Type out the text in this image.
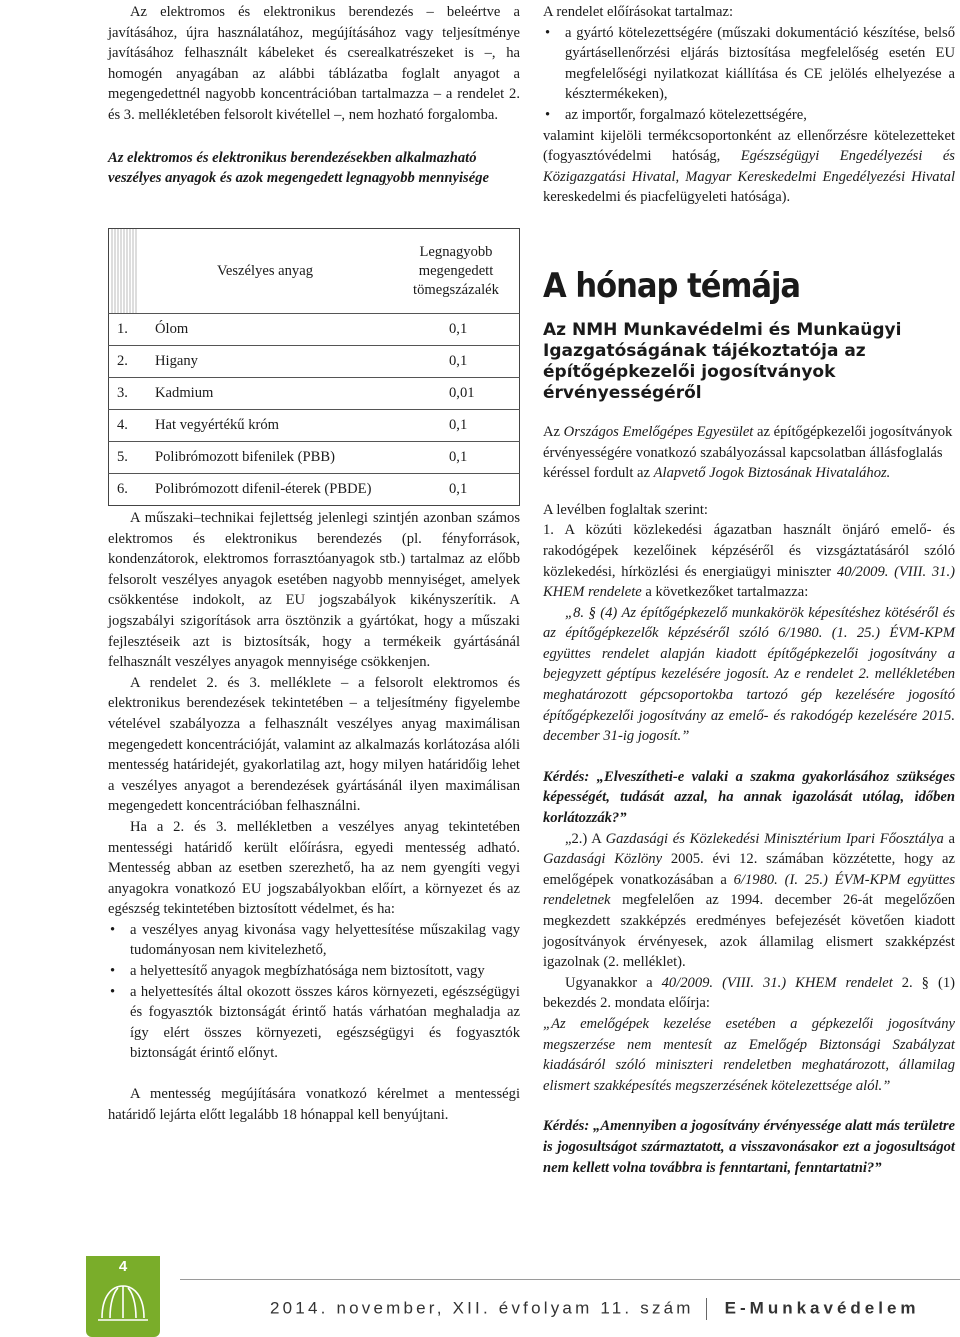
Az elektromos és elektronikus berendezés – beleértve a javításához, újra használatához, megújításához vagy teljesítménye javításához felhasznált kábeleket és cserealkatrészeket is –, ha homogén anyagában az alábbi táblázatba foglalt anyagot a megengedettnél nagyobb koncentrációban tartalmazza – a rendelet 2. és 3. mellékletében felsorolt kivétellel –, nem hozható forgalomba.

Az elektromos és elektronikus berendezésekben alkalmazható veszélyes anyagok és azok megengedett legnagyobb mennyisége

	Veszélyes anyag	Legnagyobb megengedett tömegszázalék

1.	Ólom	0,1

2.	Higany	0,1

3.	Kadmium	0,01

4.	Hat vegyértékű króm	0,1

5.	Polibrómozott bifenilek (PBB)	0,1

6.	Polibrómozott difenil-éterek (PBDE)	0,1

A műszaki–technikai fejlettség jelenlegi szintjén azonban számos elektromos és elektronikus berendezés (pl. fényforrások, kondenzátorok, elektromos forrasztóanyagok stb.) tartalmaz az előbb felsorolt veszélyes anyagok esetében nagyobb mennyiséget, amelyek csökkentése indokolt, az EU jogszabályok kikényszerítik. A jogszabályi szigorítások arra ösztönzik a gyártókat, hogy a műszaki fejlesztéseik azt is biztosítsák, hogy a termékeik gyártásánál felhasznált veszélyes anyagok mennyisége csökkenjen.

A rendelet 2. és 3. melléklete – a felsorolt elektromos és elektronikus berendezések tekintetében – a teljesítmény figyelembe vételével szabályozza a felhasznált veszélyes anyag maximálisan megengedett koncentrációját, valamint az alkalmazás korlátozása alóli mentesség határidejét, gyakorlatilag azt, hogy milyen határidőig lehet a veszélyes anyagot a berendezések gyártásánál ilyen maximálisan megengedett koncentrációban felhasználni.

Ha a 2. és 3. mellékletben a veszélyes anyag tekintetében mentességi határidő került előírásra, egyedi mentesség adható. Mentesség abban az esetben szerezhető, ha az nem gyengíti vegyi anyagokra vonatkozó EU jogszabályokban előírt, a környezet és az egészség tekintetében biztosított védelmet, és ha:

• a veszélyes anyag kivonása vagy helyettesítése műszakilag vagy tudományosan nem kivitelezhető,
• a helyettesítő anyagok megbízhatósága nem biztosított, vagy
• a helyettesítés által okozott összes káros környezeti, egészségügyi és fogyasztók biztonságát érintő hatás várhatóan meghaladja az így elért összes környezeti, egészségügyi és fogyasztók biztonságát érintő előnyt.

A mentesség megújítására vonatkozó kérelmet a mentességi határidő lejárta előtt legalább 18 hónappal kell benyújtani.

A rendelet előírásokat tartalmaz:

• a gyártó kötelezettségére (műszaki dokumentáció készítése, belső gyártásellenőrzési eljárás biztosítása megfelelőség esetén EU megfelelőségi nyilatkozat kiállítása és CE jelölés elhelyezése a késztermékeken),
• az importőr, forgalmazó kötelezettségére,

valamint kijelöli termékcsoportonként az ellenőrzésre kötelezetteket (fogyasztóvédelmi hatóság, Egészségügyi Engedélyezési és Közigazgatási Hivatal, Magyar Kereskedelmi Engedélyezési Hivatal kereskedelmi és piacfelügyeleti hatósága).

A hónap témája
Az NMH Munkavédelmi és Munkaügyi Igazgatóságának tájékoztatója az építőgépkezelői jogosítványok érvényességéről

Az Országos Emelőgépes Egyesület az építőgépkezelői jogosítványok érvényességére vonatkozó szabályozással kapcsolatban állásfoglalás kéréssel fordult az Alapvető Jogok Biztosának Hivatalához.

A levélben foglaltak szerint:

1. A közúti közlekedési ágazatban használt önjáró emelő- és rakodógépek kezelőinek képzéséről és vizsgáztatásáról szóló közlekedési, hírközlési és energiaügyi miniszter 40/2009. (VIII. 31.) KHEM rendelete a következőket tartalmazza:

„8. § (4) Az építőgépkezelő munkakörök képesítéshez kötéséről és az építőgépkezelők képzéséről szóló 6/1980. (1. 25.) ÉVM-KPM együttes rendelet alapján kiadott építőgépkezelői jogosítvány a bejegyzett géptípus kezelésére jogosít. Az e rendelet 2. mellékletében meghatározott gépcsoportokba tartozó gép kezelésére jogosító építőgépkezelői jogosítvány az emelő- és rakodógép kezelésére 2015. december 31-ig jogosít.”

Kérdés: „Elveszítheti-e valaki a szakma gyakorlásához szükséges képességét, tudását azzal, ha annak igazolását utólag, időben korlátozzák?”

„2.) A Gazdasági és Közlekedési Minisztérium Ipari Főosztálya a Gazdasági Közlöny 2005. évi 12. számában közzétette, hogy az emelőgépek vonatkozásában a 6/1980. (I. 25.) ÉVM-KPM együttes rendeletnek megfelelően az 1994. december 26-át megelőzően megkezdett szakképzés eredményes befejezését követően kiadott jogosítványok érvényesek, azok államilag elismert szakképzést igazolnak (2. melléklet).

Ugyanakkor a 40/2009. (VIII. 31.) KHEM rendelet 2. § (1) bekezdés 2. mondata előírja:

„Az emelőgépek kezelése esetében a gépkezelői jogosítvány megszerzése nem mentesít az Emelőgép Biztonsági Szabályzat kiadásáról szóló miniszteri rendeletben meghatározott, államilag elismert szakképesítés megszerzésének kötelezettsége alól.”

Kérdés: „Amennyiben a jogosítvány érvényessége alatt más területre is jogosultságot származtatott, a visszavonásakor ezt a jogosultságot nem kellett volna továbbra is fenntartani, fenntartatni?”

4
2014. november, XII. évfolyam 11. szám E-Munkavédelem
